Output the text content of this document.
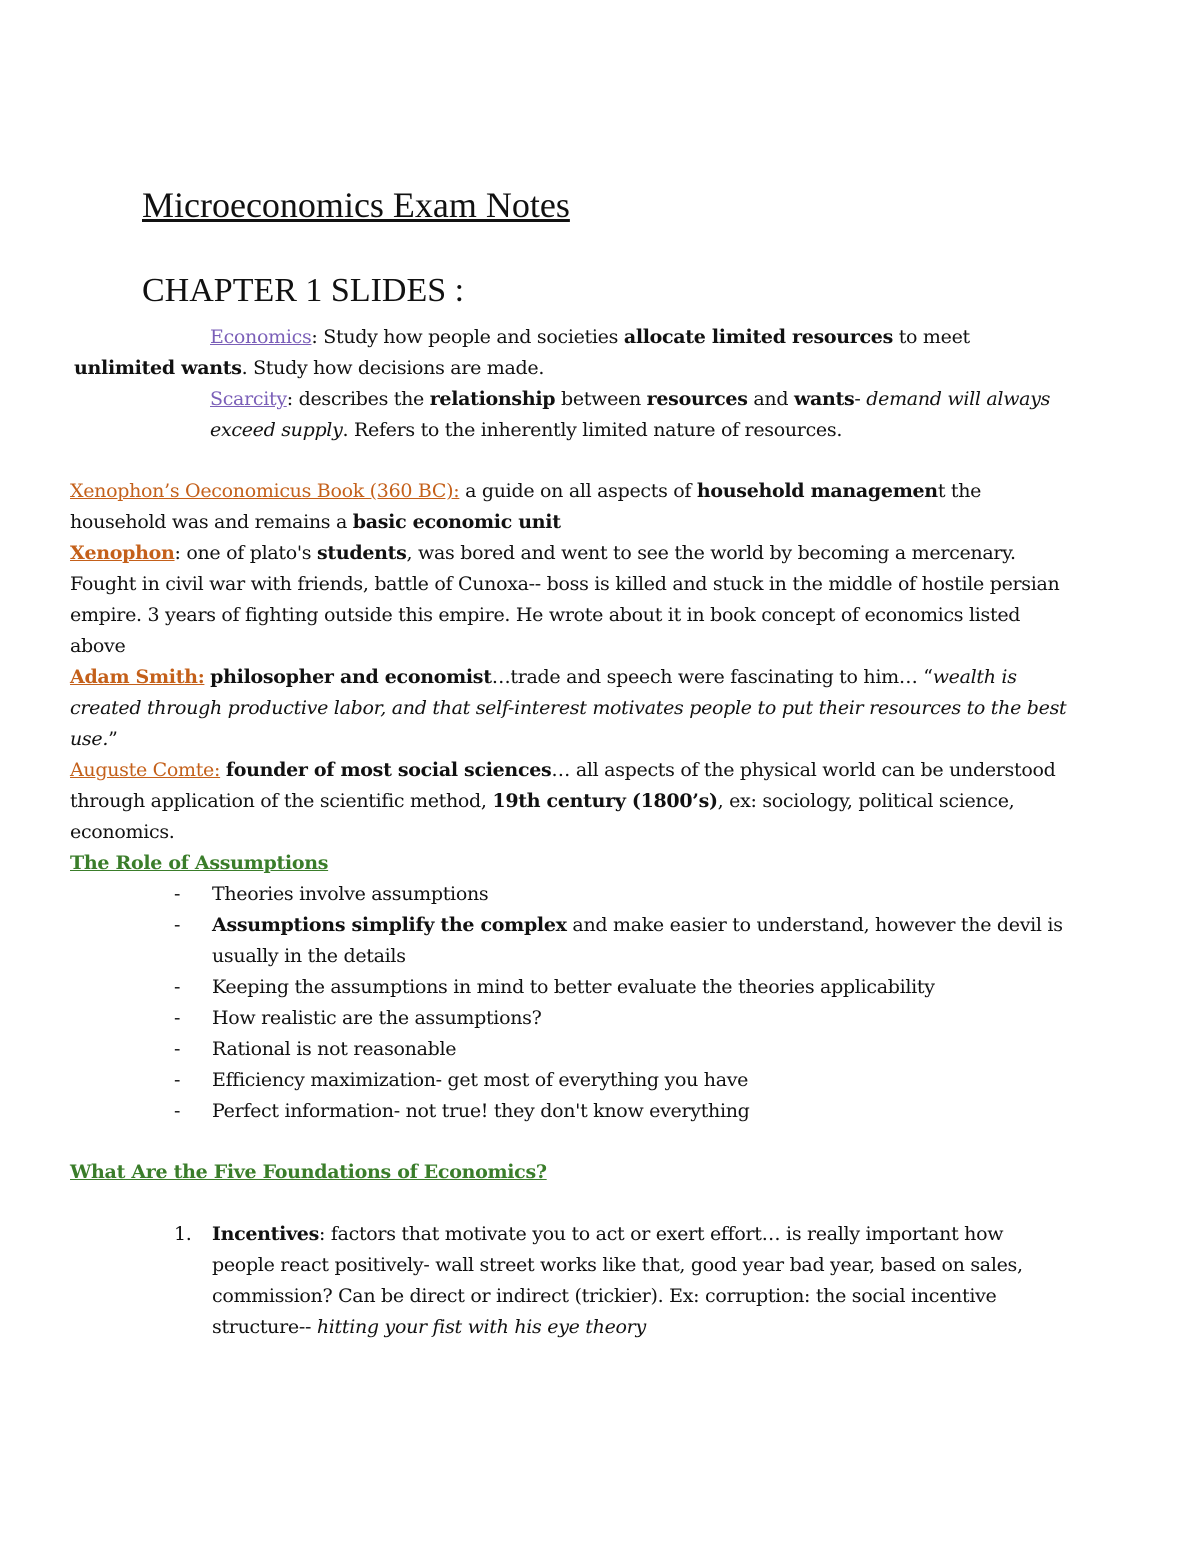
Microeconomics Exam Notes
CHAPTER 1 SLIDES :

Economics: Study how people and societies allocate limited resources to meet
unlimited wants. Study how decisions are made.

Scarcity: describes the relationship between resources and wants- demand will always exceed supply. Refers to the inherently limited nature of resources.

Xenophon’s Oeconomicus Book (360 BC): a guide on all aspects of household management the household was and remains a basic economic unit

Xenophon: one of plato's students, was bored and went to see the world by becoming a mercenary. Fought in civil war with friends, battle of Cunoxa-- boss is killed and stuck in the middle of hostile persian empire. 3 years of fighting outside this empire. He wrote about it in book concept of economics listed above

Adam Smith: philosopher and economist…trade and speech were fascinating to him… “wealth is created through productive labor, and that self-interest motivates people to put their resources to the best use.”

Auguste Comte: founder of most social sciences… all aspects of the physical world can be understood through application of the scientific method, 19th century (1800’s), ex: sociology, political science, economics.

The Role of Assumptions

- Theories involve assumptions
- Assumptions simplify the complex and make easier to understand, however the devil is usually in the details
- Keeping the assumptions in mind to better evaluate the theories applicability
- How realistic are the assumptions?
- Rational is not reasonable
- Efficiency maximization- get most of everything you have
- Perfect information- not true! they don't know everything

What Are the Five Foundations of Economics?

1. Incentives: factors that motivate you to act or exert effort… is really important how people react positively- wall street works like that, good year bad year, based on sales, commission? Can be direct or indirect (trickier). Ex: corruption: the social incentive structure-- hitting your fist with his eye theory
